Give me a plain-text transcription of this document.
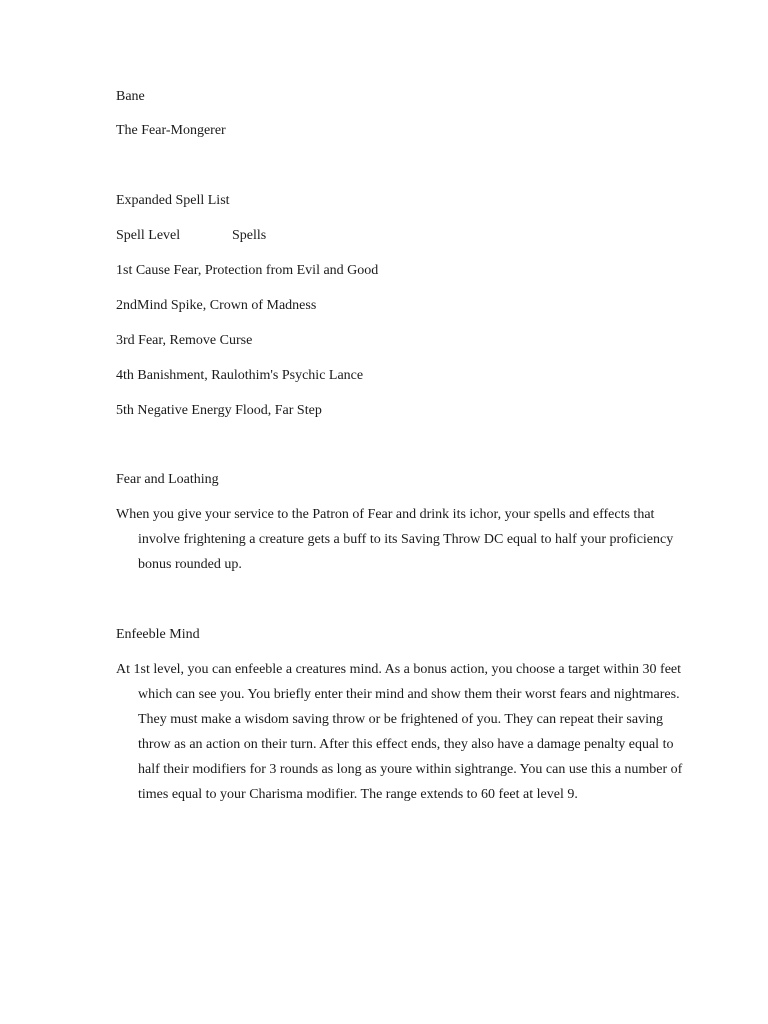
Bane
The Fear-Mongerer
Expanded Spell List
Spell Level	Spells
1st Cause Fear, Protection from Evil and Good
2ndMind Spike, Crown of Madness
3rd Fear, Remove Curse
4th Banishment, Raulothim's Psychic Lance
5th Negative Energy Flood, Far Step
Fear and Loathing

When you give your service to the Patron of Fear and drink its ichor, your spells and effects that involve frightening a creature gets a buff to its Saving Throw DC equal to half your proficiency bonus rounded up.

Enfeeble Mind

At 1st level, you can enfeeble a creatures mind. As a bonus action, you choose a target within 30 feet which can see you. You briefly enter their mind and show them their worst fears and nightmares. They must make a wisdom saving throw or be frightened of you. They can repeat their saving throw as an action on their turn. After this effect ends, they also have a damage penalty equal to half their modifiers for 3 rounds as long as youre within sightrange. You can use this a number of times equal to your Charisma modifier. The range extends to 60 feet at level 9.
